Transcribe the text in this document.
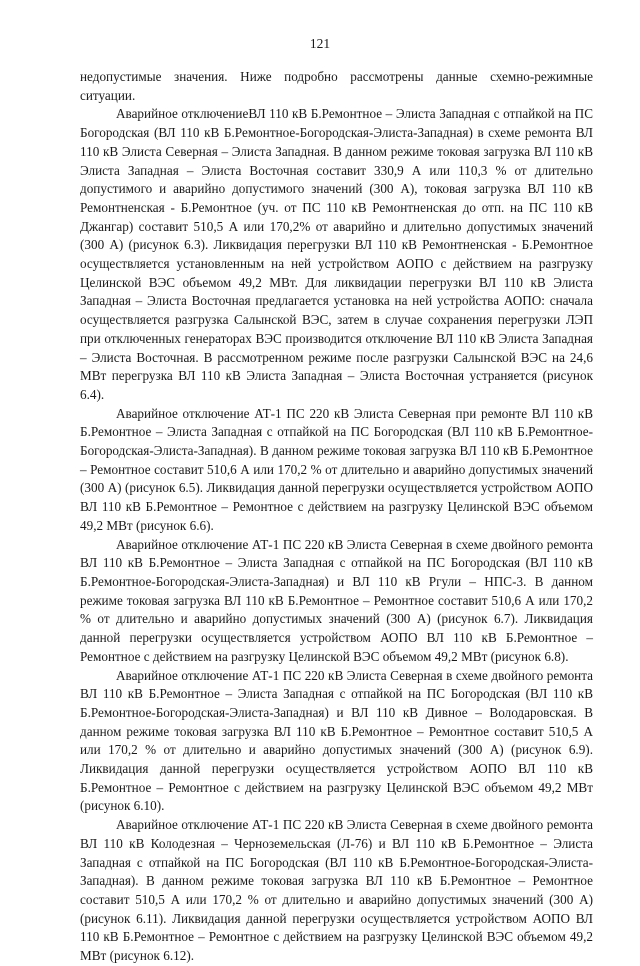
121

недопустимые значения. Ниже подробно рассмотрены данные схемно-режимные ситуации.

Аварийное отключениеВЛ 110 кВ Б.Ремонтное – Элиста Западная с отпайкой на ПС Богородская (ВЛ 110 кВ Б.Ремонтное-Богородская-Элиста-Западная) в схеме ремонта ВЛ 110 кВ Элиста Северная – Элиста Западная. В данном режиме токовая загрузка ВЛ 110 кВ Элиста Западная – Элиста Восточная составит 330,9 А или 110,3 % от длительно допустимого и аварийно допустимого значений (300 А), токовая загрузка ВЛ 110 кВ Ремонтненская - Б.Ремонтное (уч. от ПС 110 кВ Ремонтненская до отп. на ПС 110 кВ Джангар) составит 510,5 А или 170,2% от аварийно и длительно допустимых значений (300 А) (рисунок 6.3). Ликвидация перегрузки ВЛ 110 кВ Ремонтненская - Б.Ремонтное осуществляется установленным на ней устройством АОПО с действием на разгрузку Целинской ВЭС объемом 49,2 МВт. Для ликвидации перегрузки ВЛ 110 кВ Элиста Западная – Элиста Восточная предлагается установка на ней устройства АОПО: сначала осуществляется разгрузка Салынской ВЭС, затем в случае сохранения перегрузки ЛЭП при отключенных генераторах ВЭС производится отключение ВЛ 110 кВ Элиста Западная – Элиста Восточная. В рассмотренном режиме после разгрузки Салынской ВЭС на 24,6 МВт перегрузка ВЛ 110 кВ Элиста Западная – Элиста Восточная устраняется (рисунок 6.4).

Аварийное отключение АТ-1 ПС 220 кВ Элиста Северная при ремонте ВЛ 110 кВ Б.Ремонтное – Элиста Западная с отпайкой на ПС Богородская (ВЛ 110 кВ Б.Ремонтное-Богородская-Элиста-Западная). В данном режиме токовая загрузка ВЛ 110 кВ Б.Ремонтное – Ремонтное составит 510,6 А или 170,2 % от длительно и аварийно допустимых значений (300 А) (рисунок 6.5). Ликвидация данной перегрузки осуществляется устройством АОПО ВЛ 110 кВ Б.Ремонтное – Ремонтное с действием на разгрузку Целинской ВЭС объемом 49,2 МВт (рисунок 6.6).

Аварийное отключение АТ-1 ПС 220 кВ Элиста Северная в схеме двойного ремонта ВЛ 110 кВ Б.Ремонтное – Элиста Западная с отпайкой на ПС Богородская (ВЛ 110 кВ Б.Ремонтное-Богородская-Элиста-Западная) и ВЛ 110 кВ Ргули – НПС-3. В данном режиме токовая загрузка ВЛ 110 кВ Б.Ремонтное – Ремонтное составит 510,6 А или 170,2 % от длительно и аварийно допустимых значений (300 А) (рисунок 6.7). Ликвидация данной перегрузки осуществляется устройством АОПО ВЛ 110 кВ Б.Ремонтное – Ремонтное с действием на разгрузку Целинской ВЭС объемом 49,2 МВт (рисунок 6.8).

Аварийное отключение АТ-1 ПС 220 кВ Элиста Северная в схеме двойного ремонта ВЛ 110 кВ Б.Ремонтное – Элиста Западная с отпайкой на ПС Богородская (ВЛ 110 кВ Б.Ремонтное-Богородская-Элиста-Западная) и ВЛ 110 кВ Дивное – Володаровская. В данном режиме токовая загрузка ВЛ 110 кВ Б.Ремонтное – Ремонтное составит 510,5 А или 170,2 % от длительно и аварийно допустимых значений (300 А) (рисунок 6.9). Ликвидация данной перегрузки осуществляется устройством АОПО ВЛ 110 кВ Б.Ремонтное – Ремонтное с действием на разгрузку Целинской ВЭС объемом 49,2 МВт (рисунок 6.10).

Аварийное отключение АТ-1 ПС 220 кВ Элиста Северная в схеме двойного ремонта ВЛ 110 кВ Колодезная – Черноземельская (Л-76) и ВЛ 110 кВ Б.Ремонтное – Элиста Западная с отпайкой на ПС Богородская (ВЛ 110 кВ Б.Ремонтное-Богородская-Элиста-Западная). В данном режиме токовая загрузка ВЛ 110 кВ Б.Ремонтное – Ремонтное составит 510,5 А или 170,2 % от длительно и аварийно допустимых значений (300 А) (рисунок 6.11). Ликвидация данной перегрузки осуществляется устройством АОПО ВЛ 110 кВ Б.Ремонтное – Ремонтное с действием на разгрузку Целинской ВЭС объемом 49,2 МВт (рисунок 6.12).
